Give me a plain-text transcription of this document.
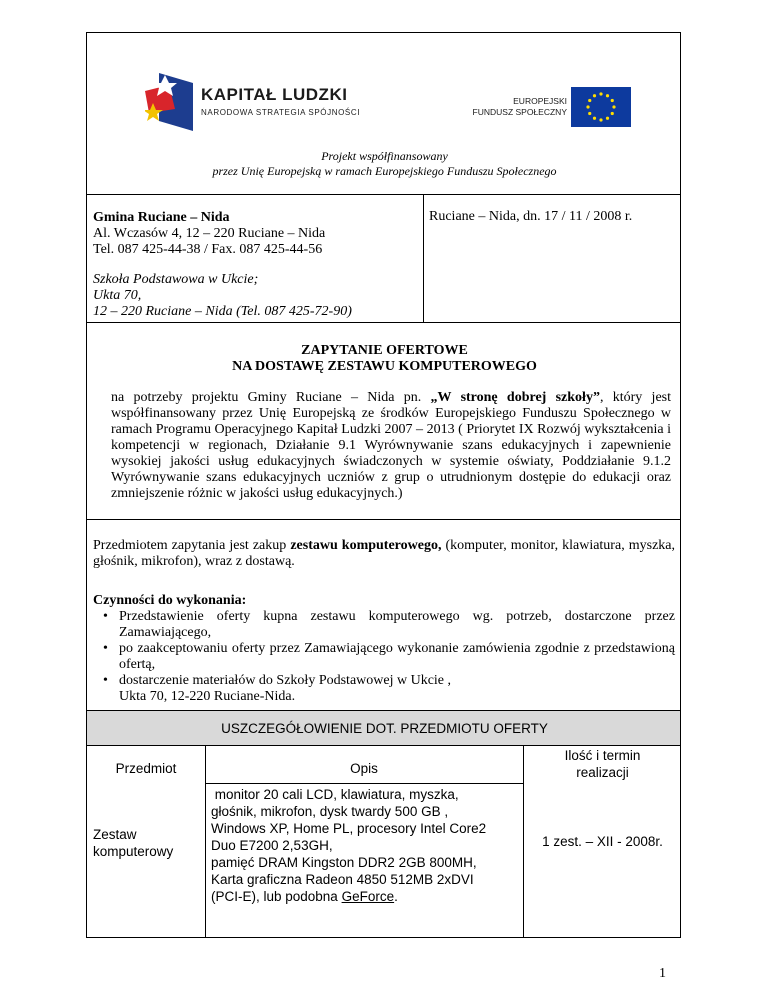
KAPITAŁ LUDZKI
NARODOWA STRATEGIA SPÓJNOŚCI
EUROPEJSKI
FUNDUSZ SPOŁECZNY
Projekt współfinansowany
przez Unię Europejską w ramach Europejskiego Funduszu Społecznego
Gmina Ruciane – Nida
Al. Wczasów 4, 12 – 220 Ruciane – Nida
Tel. 087 425-44-38 / Fax. 087 425-44-56
Szkoła Podstawowa w Ukcie;
Ukta 70,
12 – 220 Ruciane – Nida (Tel. 087 425-72-90)
Ruciane – Nida, dn. 17 / 11 / 2008 r.
ZAPYTANIE OFERTOWE
NA DOSTAWĘ ZESTAWU KOMPUTEROWEGO
na potrzeby projektu Gminy Ruciane – Nida pn. „W stronę dobrej szkoły”, który jest współfinansowany przez Unię Europejską ze środków Europejskiego Funduszu Społecznego w ramach Programu Operacyjnego Kapitał Ludzki 2007 – 2013 ( Priorytet IX Rozwój wykształcenia i kompetencji w regionach, Działanie 9.1 Wyrównywanie szans edukacyjnych i zapewnienie wysokiej jakości usług edukacyjnych świadczonych w systemie oświaty, Poddziałanie 9.1.2 Wyrównywanie szans edukacyjnych uczniów z grup o utrudnionym dostępie do edukacji oraz zmniejszenie różnic w jakości usług edukacyjnych.)
Przedmiotem zapytania jest zakup zestawu komputerowego, (komputer, monitor, klawiatura, myszka, głośnik, mikrofon), wraz z dostawą.
Czynności do wykonania:
• Przedstawienie oferty kupna zestawu komputerowego wg. potrzeb, dostarczone przez Zamawiającego,
• po zaakceptowaniu oferty przez Zamawiającego wykonanie zamówienia zgodnie z przedstawioną ofertą,
• dostarczenie materiałów do Szkoły Podstawowej w Ukcie ,
Ukta 70, 12-220 Ruciane-Nida.
USZCZEGÓŁOWIENIE DOT. PRZEDMIOTU OFERTY
Przedmiot	Opis
Ilość i termin
realizacji
Zestaw
komputerowy
monitor 20 cali LCD, klawiatura, myszka,
głośnik, mikrofon, dysk twardy 500 GB ,
Windows XP, Home PL, procesory Intel Core2
Duo E7200 2,53GH,
pamięć DRAM Kingston DDR2 2GB 800MH,
Karta graficzna Radeon 4850 512MB 2xDVI
(PCI-E), lub podobna GeForce.
1 zest. – XII - 2008r.
1
